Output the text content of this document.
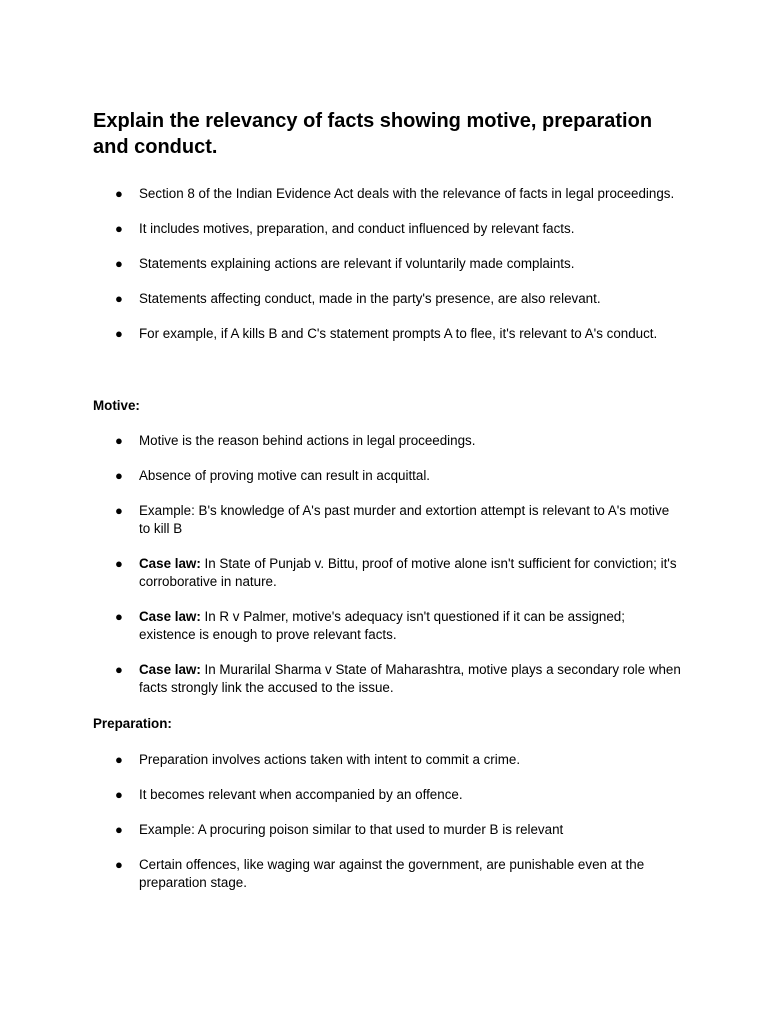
Explain the relevancy of facts showing motive, preparation and conduct.
● Section 8 of the Indian Evidence Act deals with the relevance of facts in legal proceedings.
● It includes motives, preparation, and conduct influenced by relevant facts.
● Statements explaining actions are relevant if voluntarily made complaints.
● Statements affecting conduct, made in the party's presence, are also relevant.
● For example, if A kills B and C's statement prompts A to flee, it's relevant to A's conduct.
Motive:
● Motive is the reason behind actions in legal proceedings.
● Absence of proving motive can result in acquittal.
● Example: B's knowledge of A's past murder and extortion attempt is relevant to A's motive to kill B
● Case law: In State of Punjab v. Bittu, proof of motive alone isn't sufficient for conviction; it's corroborative in nature.
● Case law: In R v Palmer, motive's adequacy isn't questioned if it can be assigned; existence is enough to prove relevant facts.
● Case law: In Murarilal Sharma v State of Maharashtra, motive plays a secondary role when facts strongly link the accused to the issue.
Preparation:
● Preparation involves actions taken with intent to commit a crime.
● It becomes relevant when accompanied by an offence.
● Example: A procuring poison similar to that used to murder B is relevant
● Certain offences, like waging war against the government, are punishable even at the preparation stage.
